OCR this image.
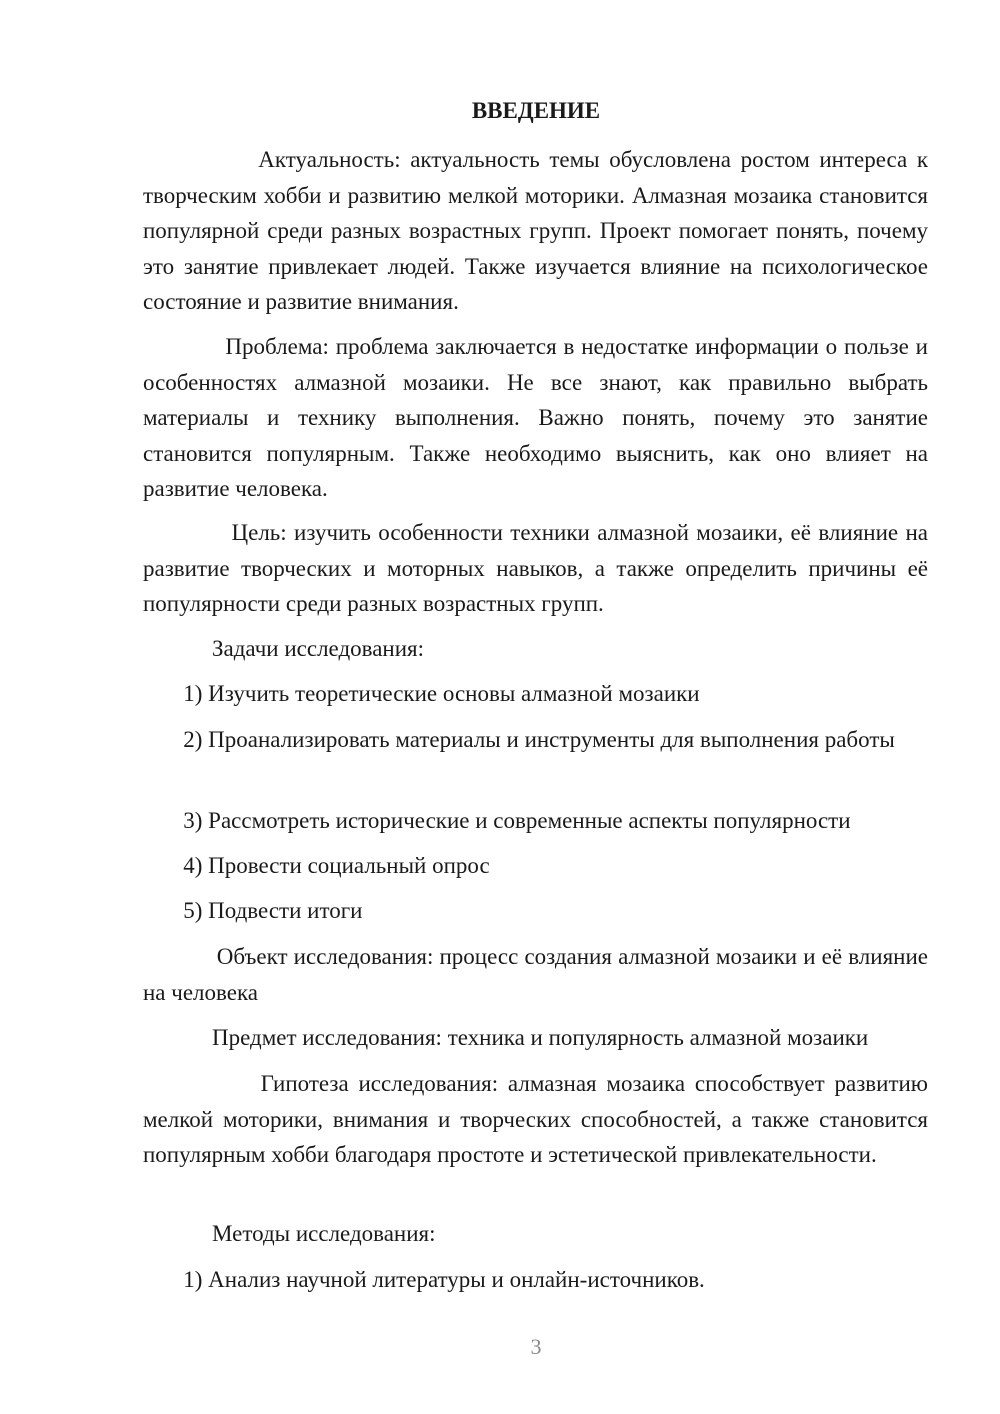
ВВЕДЕНИЕ

Актуальность: актуальность темы обусловлена ростом интереса к творческим хобби и развитию мелкой моторики. Алмазная мозаика становится популярной среди разных возрастных групп. Проект помогает понять, почему это занятие привлекает людей. Также изучается влияние на психологическое состояние и развитие внимания.

Проблема: проблема заключается в недостатке информации о пользе и особенностях алмазной мозаики. Не все знают, как правильно выбрать материалы и технику выполнения. Важно понять, почему это занятие становится популярным. Также необходимо выяснить, как оно влияет на развитие человека.

Цель: изучить особенности техники алмазной мозаики, её влияние на развитие творческих и моторных навыков, а также определить причины её популярности среди разных возрастных групп.

Задачи исследования:

1) Изучить теоретические основы алмазной мозаики

2) Проанализировать материалы и инструменты для выполнения работы

3) Рассмотреть исторические и современные аспекты популярности

4) Провести социальный опрос

5) Подвести итоги

Объект исследования: процесс создания алмазной мозаики и её влияние на человека

Предмет исследования: техника и популярность алмазной мозаики

Гипотеза исследования: алмазная мозаика способствует развитию мелкой моторики, внимания и творческих способностей, а также становится популярным хобби благодаря простоте и эстетической привлекательности.

Методы исследования:

1) Анализ научной литературы и онлайн-источников.

3
